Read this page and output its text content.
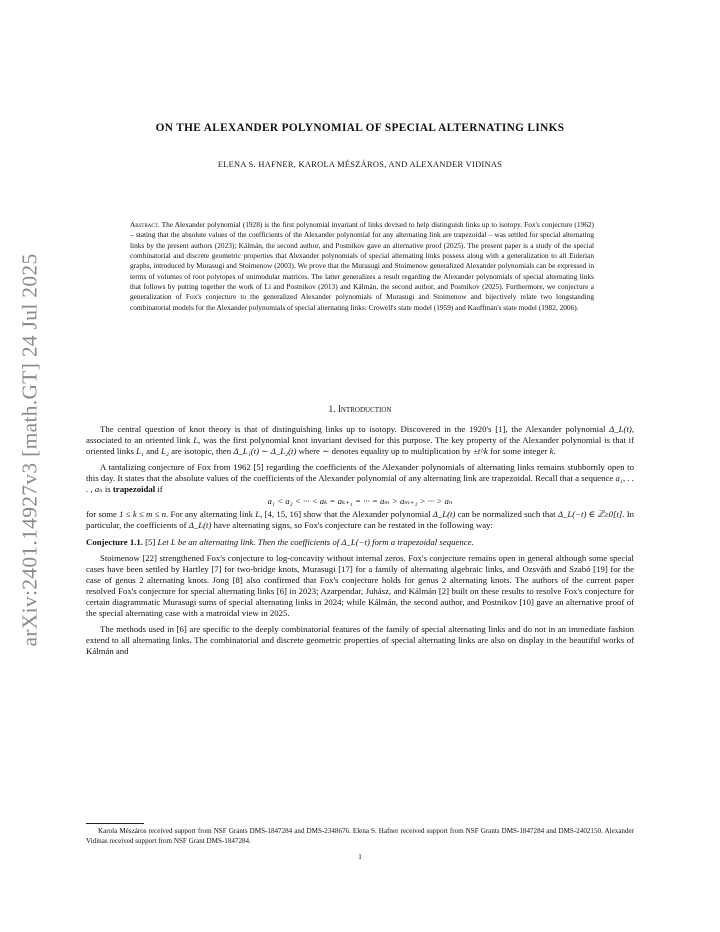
arXiv:2401.14927v3 [math.GT] 24 Jul 2025
ON THE ALEXANDER POLYNOMIAL OF SPECIAL ALTERNATING LINKS
ELENA S. HAFNER, KAROLA MÉSZÁROS, AND ALEXANDER VIDINAS
Abstract. The Alexander polynomial (1928) is the first polynomial invariant of links devised to help distinguish links up to isotopy. Fox's conjecture (1962) – stating that the absolute values of the coefficients of the Alexander polynomial for any alternating link are trapezoidal – was settled for special alternating links by the present authors (2023); Kálmán, the second author, and Postnikov gave an alternative proof (2025). The present paper is a study of the special combinatorial and discrete geometric properties that Alexander polynomials of special alternating links possess along with a generalization to all Eulerian graphs, introduced by Murasugi and Stoimenow (2003). We prove that the Murasugi and Stoimenow generalized Alexander polynomials can be expressed in terms of volumes of root polytopes of unimodular matrices. The latter generalizes a result regarding the Alexander polynomials of special alternating links that follows by putting together the work of Li and Postnikov (2013) and Kálmán, the second author, and Postnikov (2025). Furthermore, we conjecture a generalization of Fox's conjecture to the generalized Alexander polynomials of Murasugi and Stoimenow and bijectively relate two longstanding combinatorial models for the Alexander polynomials of special alternating links: Crowell's state model (1959) and Kauffman's state model (1982, 2006).
1. Introduction

The central question of knot theory is that of distinguishing links up to isotopy. Discovered in the 1920's [1], the Alexander polynomial Δ_L(t), associated to an oriented link L, was the first polynomial knot invariant devised for this purpose. The key property of the Alexander polynomial is that if oriented links L₁ and L₂ are isotopic, then Δ_L₁(t) ∼ Δ_L₂(t) where ∼ denotes equality up to multiplication by ±t^k for some integer k.

A tantalizing conjecture of Fox from 1962 [5] regarding the coefficients of the Alexander polynomials of alternating links remains stubbornly open to this day. It states that the absolute values of the coefficients of the Alexander polynomial of any alternating link are trapezoidal. Recall that a sequence a₁, . . . , aₙ is trapezoidal if

a₁ < a₂ < ··· < aₖ = aₖ₊₁ = ··· = aₘ > aₘ₊₁ > ··· > aₙ

for some 1 ≤ k ≤ m ≤ n. For any alternating link L, [4, 15, 16] show that the Alexander polynomial Δ_L(t) can be normalized such that Δ_L(−t) ∈ ℤ≥0[t]. In particular, the coefficients of Δ_L(t) have alternating signs, so Fox's conjecture can be restated in the following way:

Conjecture 1.1. [5] Let L be an alternating link. Then the coefficients of Δ_L(−t) form a trapezoidal sequence.

Stoimenow [22] strengthened Fox's conjecture to log-concavity without internal zeros. Fox's conjecture remains open in general although some special cases have been settled by Hartley [7] for two-bridge knots, Murasugi [17] for a family of alternating algebraic links, and Ozsváth and Szabó [19] for the case of genus 2 alternating knots. Jong [8] also confirmed that Fox's conjecture holds for genus 2 alternating knots. The authors of the current paper resolved Fox's conjecture for special alternating links [6] in 2023; Azarpendar, Juhász, and Kálmán [2] built on these results to resolve Fox's conjecture for certain diagrammatic Murasugi sums of special alternating links in 2024; while Kálmán, the second author, and Postnikov [10] gave an alternative proof of the special alternating case with a matroidal view in 2025.

The methods used in [6] are specific to the deeply combinatorial features of the family of special alternating links and do not in an immediate fashion extend to all alternating links. The combinatorial and discrete geometric properties of special alternating links are also on display in the beautiful works of Kálmán and

Karola Mészáros received support from NSF Grants DMS-1847284 and DMS-2348676. Elena S. Hafner received support from NSF Grants DMS-1847284 and DMS-2402150. Alexander Vidinas received support from NSF Grant DMS-1847284.
1
